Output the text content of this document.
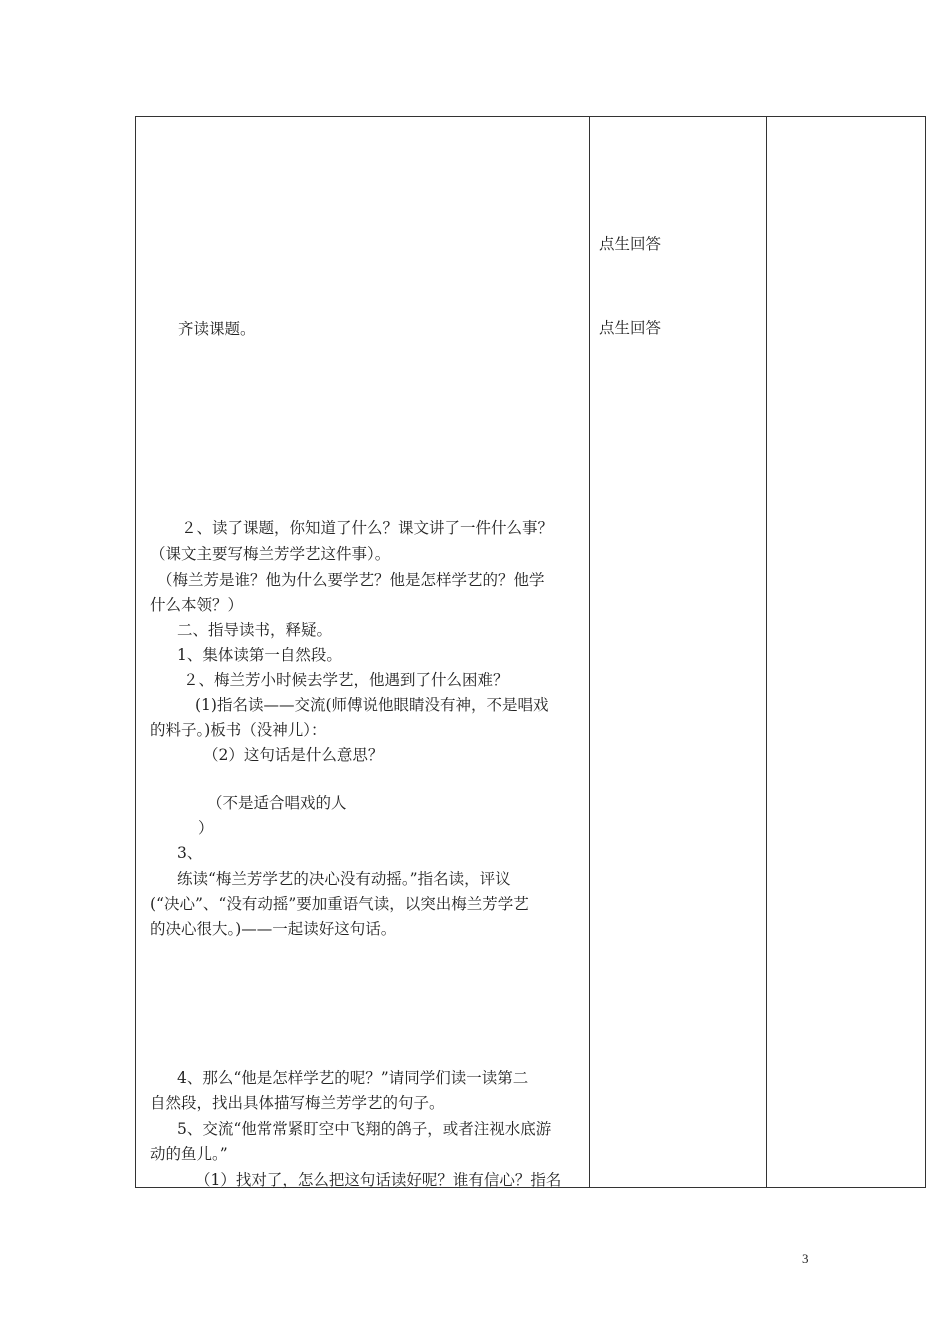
齐读课题。
２、读了课题，你知道了什么？课文讲了一件什么事？
（课文主要写梅兰芳学艺这件事）。
（梅兰芳是谁？他为什么要学艺？他是怎样学艺的？他学
什么本领？）
二、指导读书，释疑。
1、集体读第一自然段。
２、梅兰芳小时候去学艺，他遇到了什么困难？
(1)指名读——交流(师傅说他眼睛没有神，不是唱戏
的料子。)板书（没神儿）：
（2）这句话是什么意思？
（不是适合唱戏的人
）
3、
练读“梅兰芳学艺的决心没有动摇。”指名读，评议
(“决心”、“没有动摇”要加重语气读，以突出梅兰芳学艺
的决心很大。)——一起读好这句话。
4、那么“他是怎样学艺的呢？”请同学们读一读第二
自然段，找出具体描写梅兰芳学艺的句子。
5、交流“他常常紧盯空中飞翔的鸽子，或者注视水底游
动的鱼儿。”
（1）找对了，怎么把这句话读好呢？谁有信心？指名
点生回答
点生回答
3
